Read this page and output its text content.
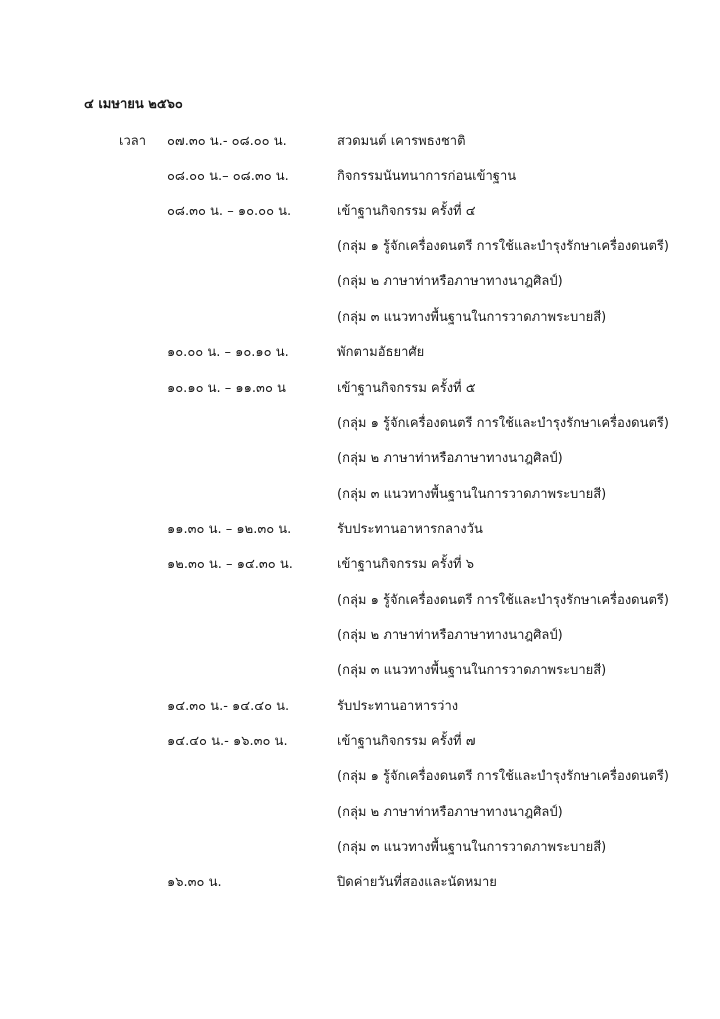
๔ เมษายน ๒๕๖๐
เวลา ๐๗.๓๐ น.- ๐๘.๐๐ น.	สวดมนต์ เคารพธงชาติ
๐๘.๐๐ น.– ๐๘.๓๐ น.	กิจกรรมนันทนาการก่อนเข้าฐาน
๐๘.๓๐ น. – ๑๐.๐๐ น.	เข้าฐานกิจกรรม ครั้งที่ ๔
(กลุ่ม ๑ รู้จักเครื่องดนตรี การใช้และบำรุงรักษาเครื่องดนตรี)
(กลุ่ม ๒ ภาษาท่าหรือภาษาทางนาฎศิลป์)
(กลุ่ม ๓ แนวทางพื้นฐานในการวาดภาพระบายสี)
๑๐.๐๐ น. – ๑๐.๑๐ น.	พักตามอัธยาศัย
๑๐.๑๐ น. – ๑๑.๓๐ น	เข้าฐานกิจกรรม ครั้งที่ ๕
(กลุ่ม ๑ รู้จักเครื่องดนตรี การใช้และบำรุงรักษาเครื่องดนตรี)
(กลุ่ม ๒ ภาษาท่าหรือภาษาทางนาฎศิลป์)
(กลุ่ม ๓ แนวทางพื้นฐานในการวาดภาพระบายสี)
๑๑.๓๐ น. – ๑๒.๓๐ น.	รับประทานอาหารกลางวัน
๑๒.๓๐ น. – ๑๔.๓๐ น.	เข้าฐานกิจกรรม ครั้งที่ ๖
(กลุ่ม ๑ รู้จักเครื่องดนตรี การใช้และบำรุงรักษาเครื่องดนตรี)
(กลุ่ม ๒ ภาษาท่าหรือภาษาทางนาฎศิลป์)
(กลุ่ม ๓ แนวทางพื้นฐานในการวาดภาพระบายสี)
๑๔.๓๐ น.- ๑๔.๔๐ น.	รับประทานอาหารว่าง
๑๔.๔๐ น.- ๑๖.๓๐ น.	เข้าฐานกิจกรรม ครั้งที่ ๗
(กลุ่ม ๑ รู้จักเครื่องดนตรี การใช้และบำรุงรักษาเครื่องดนตรี)
(กลุ่ม ๒ ภาษาท่าหรือภาษาทางนาฎศิลป์)
(กลุ่ม ๓ แนวทางพื้นฐานในการวาดภาพระบายสี)
๑๖.๓๐ น.	ปิดค่ายวันที่สองและนัดหมาย
